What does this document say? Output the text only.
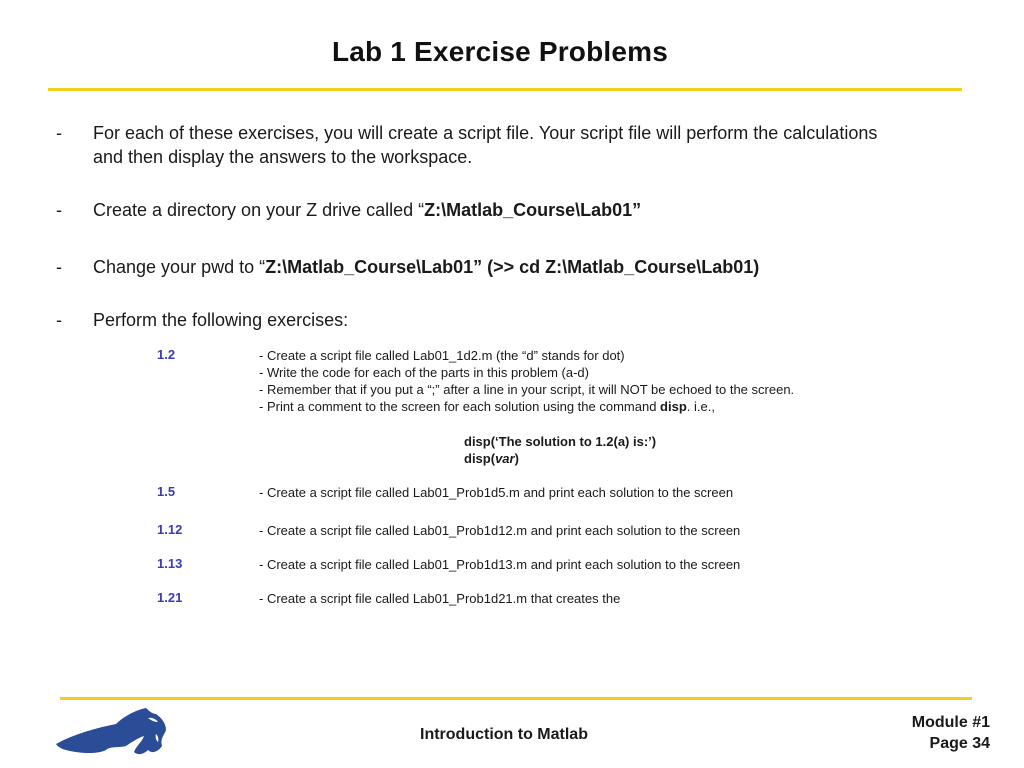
Lab 1 Exercise Problems
-	For each of these exercises, you will create a script file. Your script file will perform the calculations
and then display the answers to the workspace.
-	Create a directory on your Z drive called “Z:\Matlab_Course\Lab01”
-	Change your pwd to “Z:\Matlab_Course\Lab01” (>> cd Z:\Matlab_Course\Lab01)
-	Perform the following exercises:
1.2	- Create a script file called Lab01_1d2.m (the “d” stands for dot)
- Write the code for each of the parts in this problem (a-d)
- Remember that if you put a “;” after a line in your script, it will NOT be echoed to the screen.
- Print a comment to the screen for each solution using the command disp. i.e.,
disp(‘The solution to 1.2(a) is:’)
disp(var)
1.5	- Create a script file called Lab01_Prob1d5.m and print each solution to the screen
1.12	- Create a script file called Lab01_Prob1d12.m and print each solution to the screen
1.13	- Create a script file called Lab01_Prob1d13.m and print each solution to the screen
1.21	- Create a script file called Lab01_Prob1d21.m that creates the
Introduction to Matlab
Module #1
Page 34
